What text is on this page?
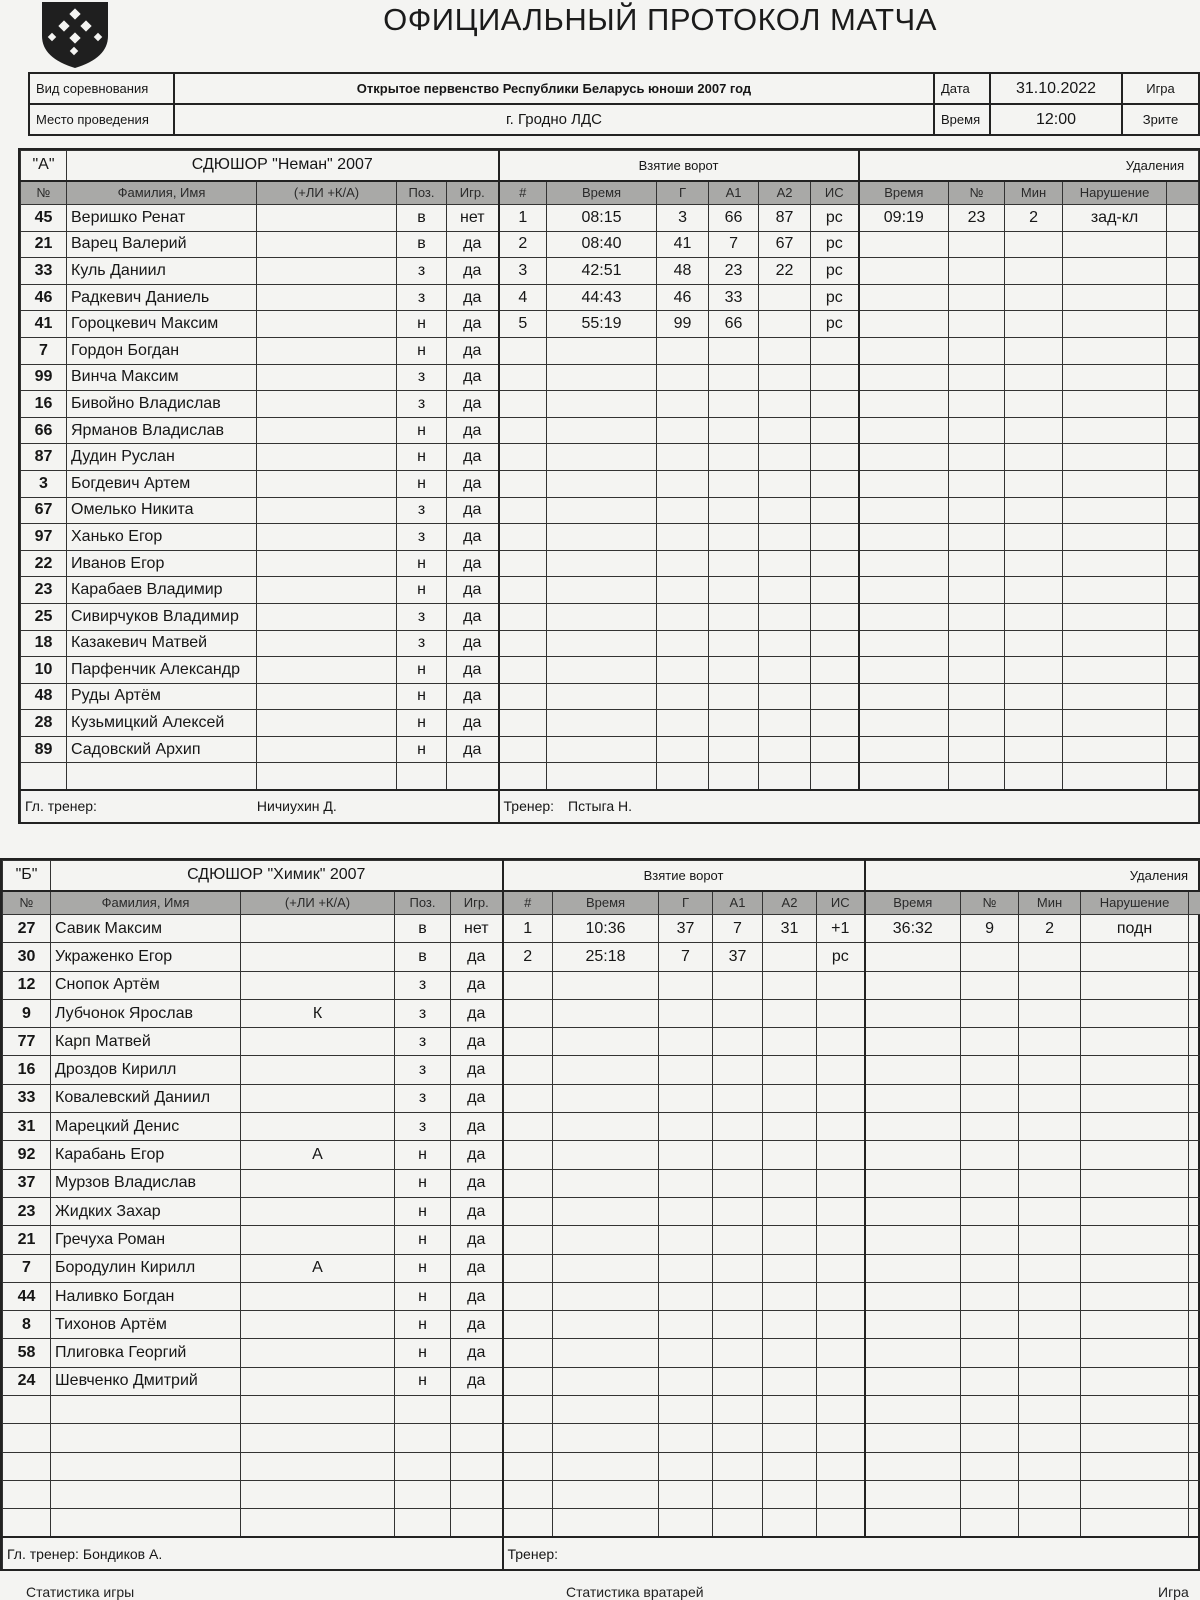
ОФИЦИАЛЬНЫЙ ПРОТОКОЛ МАТЧА
Вид соревнования	Открытое первенство Республики Беларусь юноши 2007 год	Дата	31.10.2022	Игра
Место проведения	г. Гродно ЛДС	Время	12:00	Зрите
"А"	СДЮШОР "Неман" 2007				Взятие ворот						Удаления				
№	Фамилия, Имя	(+ЛИ +К/А)	Поз.	Игр.	#	Время	Г	А1	А2	ИС	Время	№	Мин	Нарушение	
45	Веришко Ренат		в	нет	1	08:15	3	66	87	рс	09:19	23	2	зад-кл	
21	Варец Валерий		в	да	2	08:40	41	7	67	рс					
33	Куль Даниил		з	да	3	42:51	48	23	22	рс					
46	Радкевич Даниель		з	да	4	44:43	46	33		рс					
41	Гороцкевич Максим		н	да	5	55:19	99	66		рс					
7	Гордон Богдан		н	да											
99	Винча Максим		з	да											
16	Бивойно Владислав		з	да											
66	Ярманов Владислав		н	да											
87	Дудин Руслан		н	да											
3	Богдевич Артем		н	да											
67	Омелько Никита		з	да											
97	Ханько Егор		з	да											
22	Иванов Егор		н	да											
23	Карабаев Владимир		н	да											
25	Сивирчуков Владимир		з	да											
18	Казакевич Матвей		з	да											
10	Парфенчик Александр		н	да											
48	Руды Артём		н	да											
28	Кузьмицкий Алексей		н	да											
89	Садовский Архип		н	да											

Гл. тренер: Ничиухин Д.					Тренер: Пстыга Н.										
"Б"	СДЮШОР "Химик" 2007				Взятие ворот						Удаления				
№	Фамилия, Имя	(+ЛИ +К/А)	Поз.	Игр.	#	Время	Г	А1	А2	ИС	Время	№	Мин	Нарушение	
27	Савик Максим		в	нет	1	10:36	37	7	31	+1	36:32	9	2	подн	
30	Укpаженко Егор		в	да	2	25:18	7	37		рс					
12	Снопок Артём		з	да											
9	Лубчонок Ярослав	К	з	да											
77	Карп Матвей		з	да											
16	Дроздов Кирилл		з	да											
33	Ковалевский Даниил		з	да											
31	Марецкий Денис		з	да											
92	Карабань Егор	А	н	да											
37	Мурзов Владислав		н	да											
23	Жидких Захар		н	да											
21	Гречуха Роман		н	да											
7	Бородулин Кирилл	А	н	да											
44	Наливко Богдан		н	да											
8	Тихонов Артём		н	да											
58	Плиговка Георгий		н	да											
24	Шевченко Дмитрий		н	да											

Гл. тренер: Бондиков А.					Тренер:										
Статистика игры	Статистика вратарей	Игра
